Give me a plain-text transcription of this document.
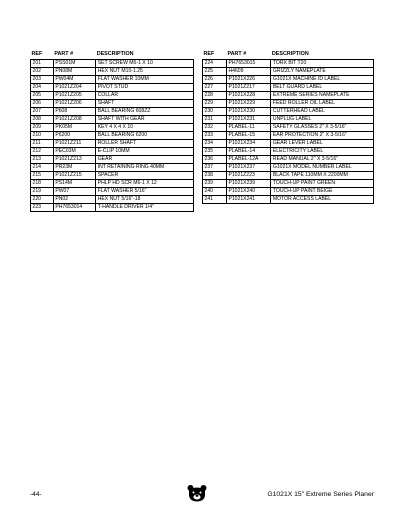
REF	PART #	DESCRIPTION
201	PSS01M	SET SCREW M6-1 X 10
202	PN08M	HEX NUT M10-1.25
203	PW04M	FLAT WASHER 10MM
204	P1021Z204	PIVOT STUD
205	P1021Z205	COLLAR
206	P1021Z206	SHAFT
207	P608	BALL BEARING 608ZZ
208	P1021Z208	SHAFT WITH GEAR
209	PK05M	KEY 4 X 4 X 10
210	P6200	BALL BEARING 6200
211	P1021Z211	ROLLER SHAFT
212	PEC03M	E-CLIP 10MM
213	P1021Z213	GEAR
214	PR23M	INT RETAINING RING 40MM
215	P1021Z215	SPACER
218	PS14M	PHLP HD SCR M6-1 X 12
219	PW07	FLAT WASHER 5/16"
220	PN02	HEX NUT 5/16"-18
223	PH7653014	T-HANDLE DRIVER 1/4"
REF	PART #	DESCRIPTION
224	PH7653015	TORX BIT T20
225	H4609	GRIZZLY NAMEPLATE
226	P1021X226	G1021X MACHINE ID LABEL
227	P1021Z217	BELT GUARD LABEL
228	P1021X228	EXTREME SERIES NAMEPLATE
229	P1021X229	FEED ROLLER OIL LABEL
230	P1021X230	CUTTERHEAD LABEL
231	P1021X231	UNPLUG LABEL
232	PLABEL-11	SAFETY GLASSES 2" X 3-5/16"
233	PLABEL-15	EAR PROTECTION 2" X 3-5/16"
234	P1021X234	GEAR LEVER LABEL
235	PLABEL-14	ELECTRICITY LABEL
236	PLABEL-12A	READ MANUAL 2" X 3-5/16"
237	P1021X237	G1021X MODEL NUMBER LABEL
238	P1021Z223	BLACK TAPE 110MM X 2200MM
239	P1021X239	TOUCH-UP PAINT GREEN
240	P1021X240	TOUCH-UP PAINT BEIGE
241	P1021X241	MOTOR ACCESS LABEL
-44-	G1021X 15" Extreme Series Planer
